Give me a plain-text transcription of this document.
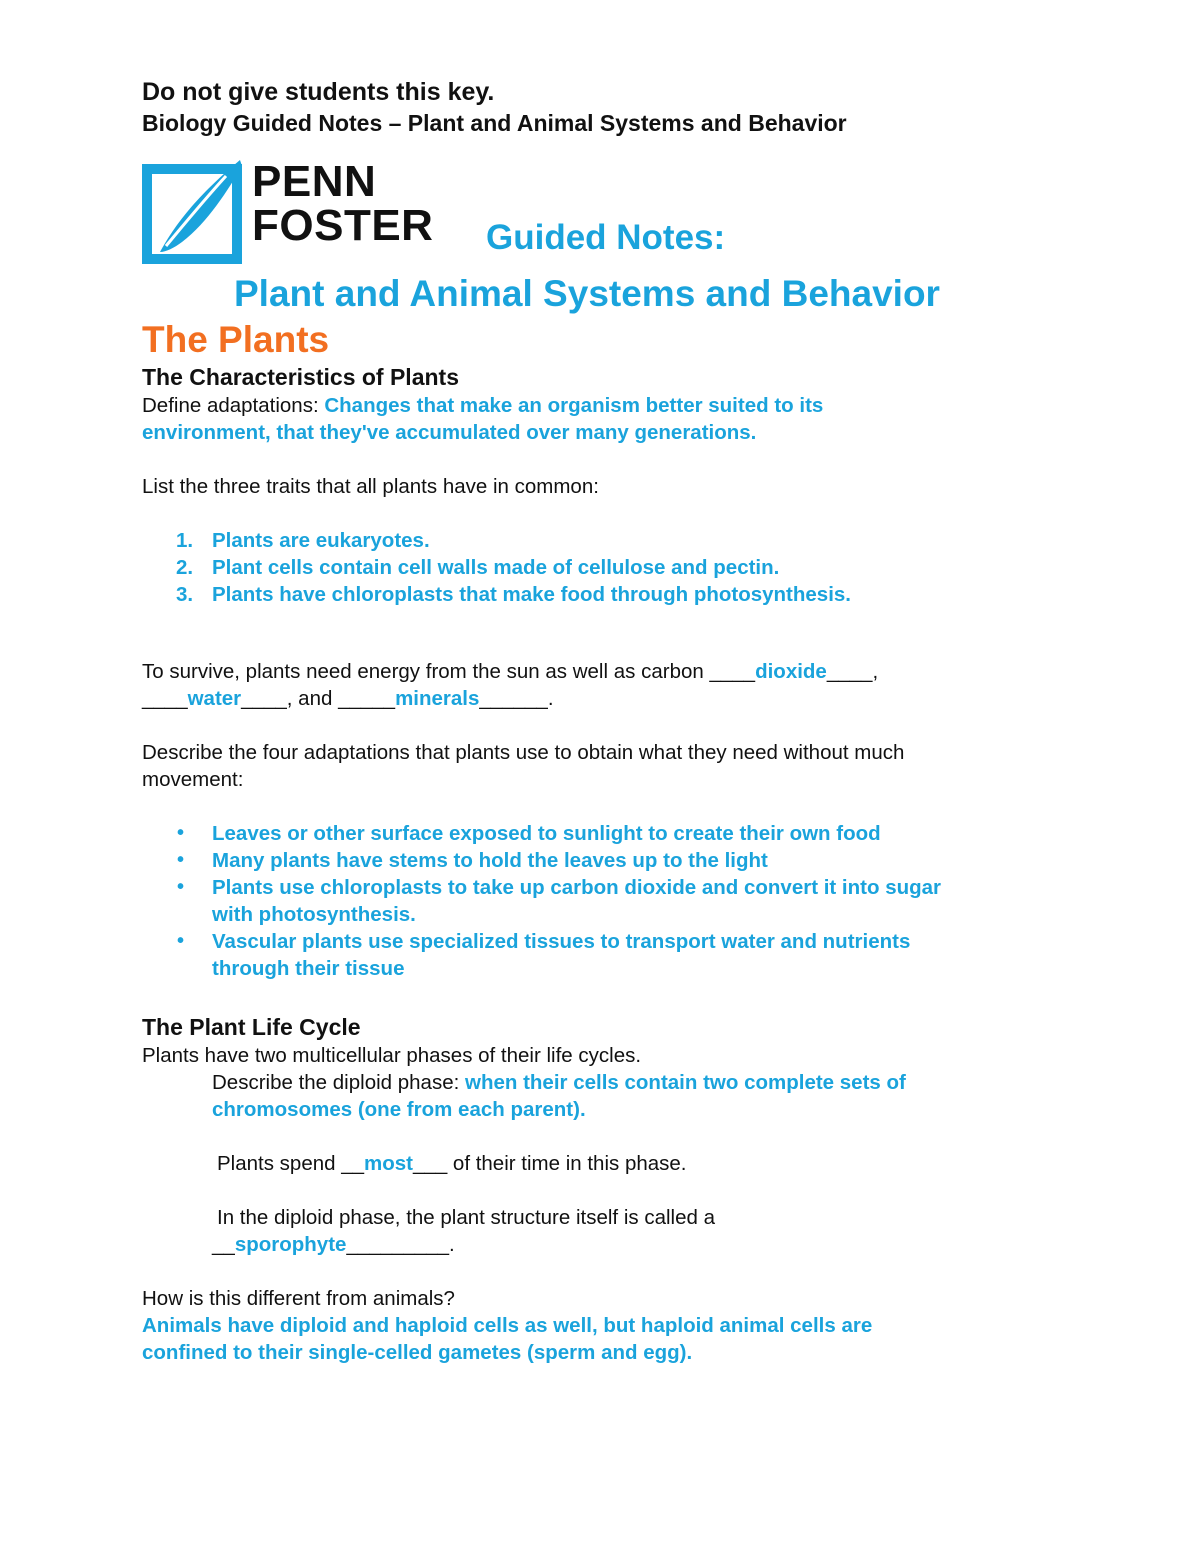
Do not give students this key.

Biology Guided Notes – Plant and Animal Systems and Behavior

PENN
FOSTER Guided Notes:

Plant and Animal Systems and Behavior

The Plants

The Characteristics of Plants

Define adaptations: Changes that make an organism better suited to its

environment, that they've accumulated over many generations.

List the three traits that all plants have in common:

1. Plants are eukaryotes.
2. Plant cells contain cell walls made of cellulose and pectin.
3. Plants have chloroplasts that make food through photosynthesis.

To survive, plants need energy from the sun as well as carbon ____dioxide____,

____water____, and _____minerals______.

Describe the four adaptations that plants use to obtain what they need without much

movement:

• Leaves or other surface exposed to sunlight to create their own food
• Many plants have stems to hold the leaves up to the light
• Plants use chloroplasts to take up carbon dioxide and convert it into sugar
with photosynthesis.
• Vascular plants use specialized tissues to transport water and nutrients
through their tissue

The Plant Life Cycle

Plants have two multicellular phases of their life cycles.

Describe the diploid phase: when their cells contain two complete sets of

chromosomes (one from each parent).

Plants spend __most___ of their time in this phase.

In the diploid phase, the plant structure itself is called a

__sporophyte_________.

How is this different from animals?

Animals have diploid and haploid cells as well, but haploid animal cells are

confined to their single-celled gametes (sperm and egg).
